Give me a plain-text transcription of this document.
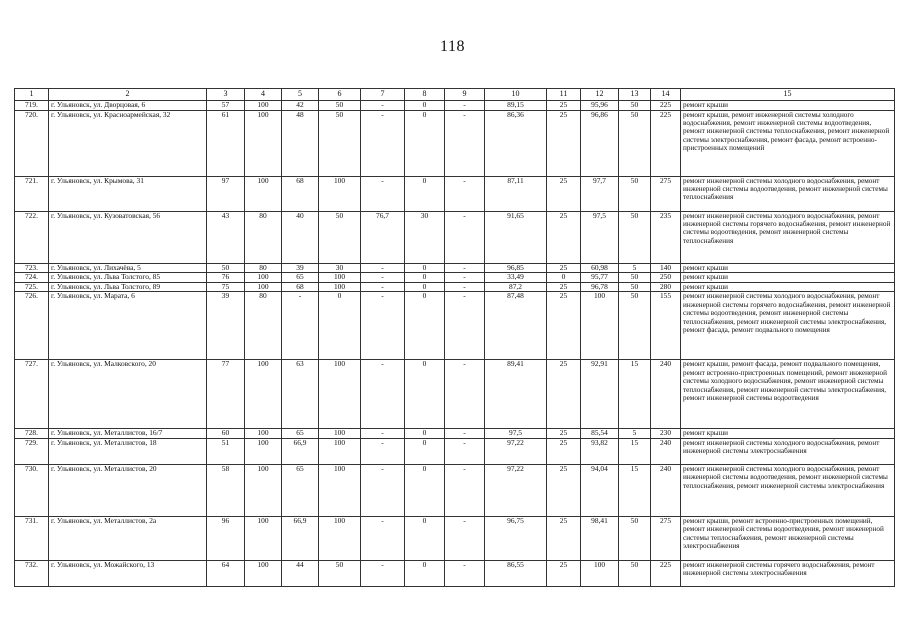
118
1	2	3	4	5	6	7	8	9	10	11	12	13	14	15
719.	г. Ульяновск, ул. Дворцовая, 6	57	100	42	50	-	0	-	89,15	25	95,96	50	225	ремонт крыши
720.	г. Ульяновск, ул. Красноармейская, 32	61	100	48	50	-	0	-	86,36	25	96,86	50	225	ремонт крыши, ремонт инженерной системы холодного водоснабжения, ремонт инженерной системы водоотведения, ремонт инженерной системы теплоснабжения, ремонт инженерной системы электроснабжения, ремонт фасада, ремонт встроенно-пристроенных помещений
721.	г. Ульяновск, ул. Крымова, 31	97	100	68	100	-	0	-	87,11	25	97,7	50	275	ремонт инженерной системы холодного водоснабжения, ремонт инженерной системы водоотведения, ремонт инженерной системы теплоснабжения
722.	г. Ульяновск, ул. Кузоватовская, 56	43	80	40	50	76,7	30	-	91,65	25	97,5	50	235	ремонт инженерной системы холодного водоснабжения, ремонт инженерной системы горячего водоснабжения, ремонт инженерной системы водоотведения, ремонт инженерной системы теплоснабжения
723.	г. Ульяновск, ул. Лихачёва, 5	50	80	39	30	-	0	-	96,85	25	60,98	5	140	ремонт крыши
724.	г. Ульяновск, ул. Льва Толстого, 85	76	100	65	100	-	0	-	33,49	0	95,77	50	250	ремонт крыши
725.	г. Ульяновск, ул. Льва Толстого, 89	75	100	68	100	-	0	-	87,2	25	96,78	50	280	ремонт крыши
726.	г. Ульяновск, ул. Марата, 6	39	80	-	0	-	0	-	87,48	25	100	50	155	ремонт инженерной системы холодного водоснабжения, ремонт инженерной системы горячего водоснабжения, ремонт инженерной системы водоотведения, ремонт инженерной системы теплоснабжения, ремонт инженерной системы электроснабжения, ремонт фасада, ремонт подвального помещения
727.	г. Ульяновск, ул. Малковского, 20	77	100	63	100	-	0	-	89,41	25	92,91	15	240	ремонт крыши, ремонт фасада, ремонт подвального помещения, ремонт встроенно-пристроенных помещений, ремонт инженерной системы холодного водоснабжения, ремонт инженерной системы теплоснабжения, ремонт инженерной системы электроснабжения, ремонт инженерной системы водоотведения
728.	г. Ульяновск, ул. Металлистов, 16/7	60	100	65	100	-	0	-	97,5	25	85,54	5	230	ремонт крыши
729.	г. Ульяновск, ул. Металлистов, 18	51	100	66,9	100	-	0	-	97,22	25	93,82	15	240	ремонт инженерной системы холодного водоснабжения, ремонт инженерной системы электроснабжения
730.	г. Ульяновск, ул. Металлистов, 20	58	100	65	100	-	0	-	97,22	25	94,04	15	240	ремонт инженерной системы холодного водоснабжения, ремонт инженерной системы водоотведения, ремонт инженерной системы теплоснабжения, ремонт инженерной системы электроснабжения
731.	г. Ульяновск, ул. Металлистов, 2а	96	100	66,9	100	-	0	-	96,75	25	98,41	50	275	ремонт крыши, ремонт встроенно-пристроенных помещений, ремонт инженерной системы водоотведения, ремонт инженерной системы теплоснабжения, ремонт инженерной системы электроснабжения
732.	г. Ульяновск, ул. Можайского, 13	64	100	44	50	-	0	-	86,55	25	100	50	225	ремонт инженерной системы горячего водоснабжения, ремонт инженерной системы электроснабжения
